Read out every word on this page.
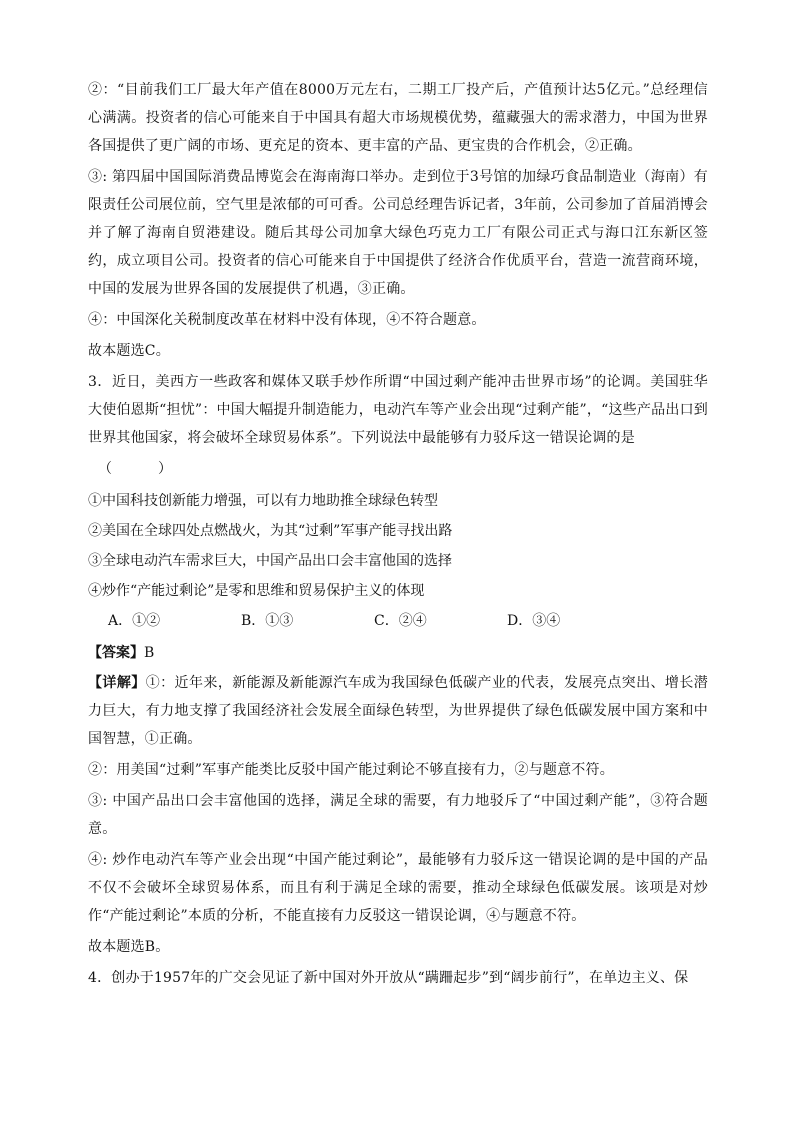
②：“目前我们工厂最大年产值在8000万元左右，二期工厂投产后，产值预计达5亿元。”总经理信心满满。投资者的信心可能来自于中国具有超大市场规模优势，蕴藏强大的需求潜力，中国为世界各国提供了更广阔的市场、更充足的资本、更丰富的产品、更宝贵的合作机会，②正确。

③: 第四届中国国际消费品博览会在海南海口举办。走到位于3号馆的加绿巧食品制造业（海南）有限责任公司展位前，空气里是浓郁的可可香。公司总经理告诉记者，3年前，公司参加了首届消博会并了解了海南自贸港建设。随后其母公司加拿大绿色巧克力工厂有限公司正式与海口江东新区签约，成立项目公司。投资者的信心可能来自于中国提供了经济合作优质平台，营造一流营商环境，中国的发展为世界各国的发展提供了机遇，③正确。

④：中国深化关税制度改革在材料中没有体现，④不符合题意。

故本题选C。

3．近日，美西方一些政客和媒体又联手炒作所谓“中国过剩产能冲击世界市场”的论调。美国驻华大使伯恩斯“担忧”：中国大幅提升制造能力，电动汽车等产业会出现“过剩产能”，“这些产品出口到世界其他国家，将会破坏全球贸易体系”。下列说法中最能够有力驳斥这一错误论调的是

（　　　）

①中国科技创新能力增强，可以有力地助推全球绿色转型

②美国在全球四处点燃战火，为其“过剩”军事产能寻找出路

③全球电动汽车需求巨大，中国产品出口会丰富他国的选择

④炒作“产能过剩论”是零和思维和贸易保护主义的体现

A．①②	B．①③	C．②④	D．③④

【答案】B

【详解】①：近年来，新能源及新能源汽车成为我国绿色低碳产业的代表，发展亮点突出、增长潜力巨大，有力地支撑了我国经济社会发展全面绿色转型，为世界提供了绿色低碳发展中国方案和中国智慧，①正确。

②：用美国“过剩”军事产能类比反驳中国产能过剩论不够直接有力，②与题意不符。

③: 中国产品出口会丰富他国的选择，满足全球的需要，有力地驳斥了“中国过剩产能”，③符合题意。

④: 炒作电动汽车等产业会出现“中国产能过剩论”，最能够有力驳斥这一错误论调的是中国的产品不仅不会破坏全球贸易体系，而且有利于满足全球的需要，推动全球绿色低碳发展。该项是对炒作“产能过剩论”本质的分析，不能直接有力反驳这一错误论调，④与题意不符。

故本题选B。

4．创办于1957年的广交会见证了新中国对外开放从“蹒跚起步”到“阔步前行”，在单边主义、保
